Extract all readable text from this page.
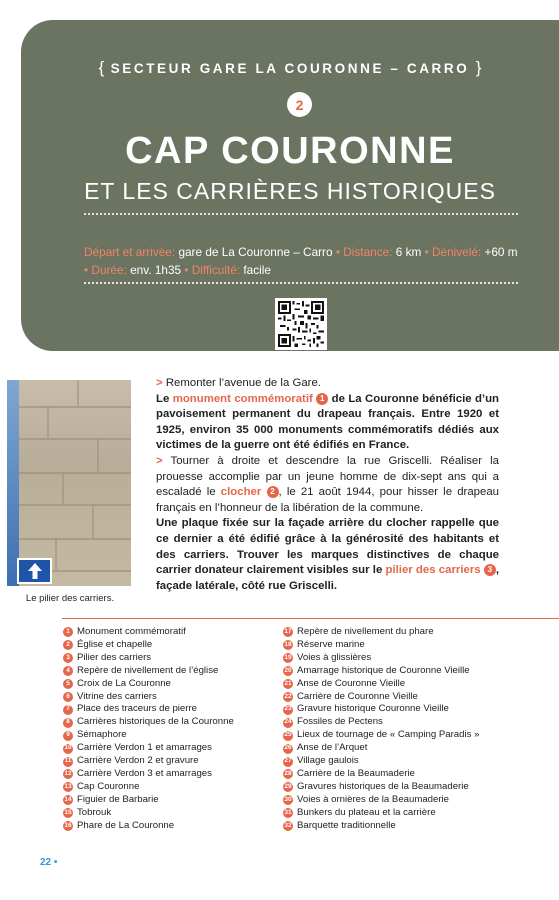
{ SECTEUR GARE LA COURONNE – CARRO }
2
CAP COURONNE
ET LES CARRIÈRES HISTORIQUES
Départ et arrivée: gare de La Couronne – Carro • Distance: 6 km • Dénivelé: +60 m
• Durée: env. 1h35 • Difficulté: facile
Le pilier des carriers.

> Remonter l’avenue de la Gare.

Le monument commémoratif 1 de La Couronne bénéficie d’un pavoisement permanent du drapeau français. Entre 1920 et 1925, environ 35 000 monuments commémoratifs dédiés aux victimes de la guerre ont été édifiés en France.

> Tourner à droite et descendre la rue Griscelli. Réaliser la prouesse accomplie par un jeune homme de dix-sept ans qui a escaladé le clocher 2 , le 21 août 1944, pour hisser le drapeau français en l’honneur de la libération de la commune.

Une plaque fixée sur la façade arrière du clocher rappelle que ce dernier a été édifié grâce à la générosité des habitants et des carriers. Trouver les marques distinctives de chaque carrier donateur clairement visibles sur le pilier des carriers 3 , façade latérale, côté rue Griscelli.

1 Monument commémoratif
2 Église et chapelle
3 Pilier des carriers
4 Repère de nivellement de l’église
5 Croix de La Couronne
6 Vitrine des carriers
7 Place des traceurs de pierre
8 Carrières historiques de la Couronne
9 Sémaphore
10 Carrière Verdon 1 et amarrages
11 Carrière Verdon 2 et gravure
12 Carrière Verdon 3 et amarrages
13 Cap Couronne
14 Figuier de Barbarie
15 Tobrouk
16 Phare de La Couronne
17 Repère de nivellement du phare
18 Réserve marine
19 Voies à glissières
20 Amarrage historique de Couronne Vieille
21 Anse de Couronne Vieille
22 Carrière de Couronne Vieille
23 Gravure historique Couronne Vieille
24 Fossiles de Pectens
25 Lieux de tournage de « Camping Paradis »
26 Anse de l’Arquet
27 Village gaulois
28 Carrière de la Beaumaderie
29 Gravures historiques de la Beaumaderie
30 Voies à ornières de la Beaumaderie
31 Bunkers du plateau et la carrière
32 Barquette traditionnelle
22 •
